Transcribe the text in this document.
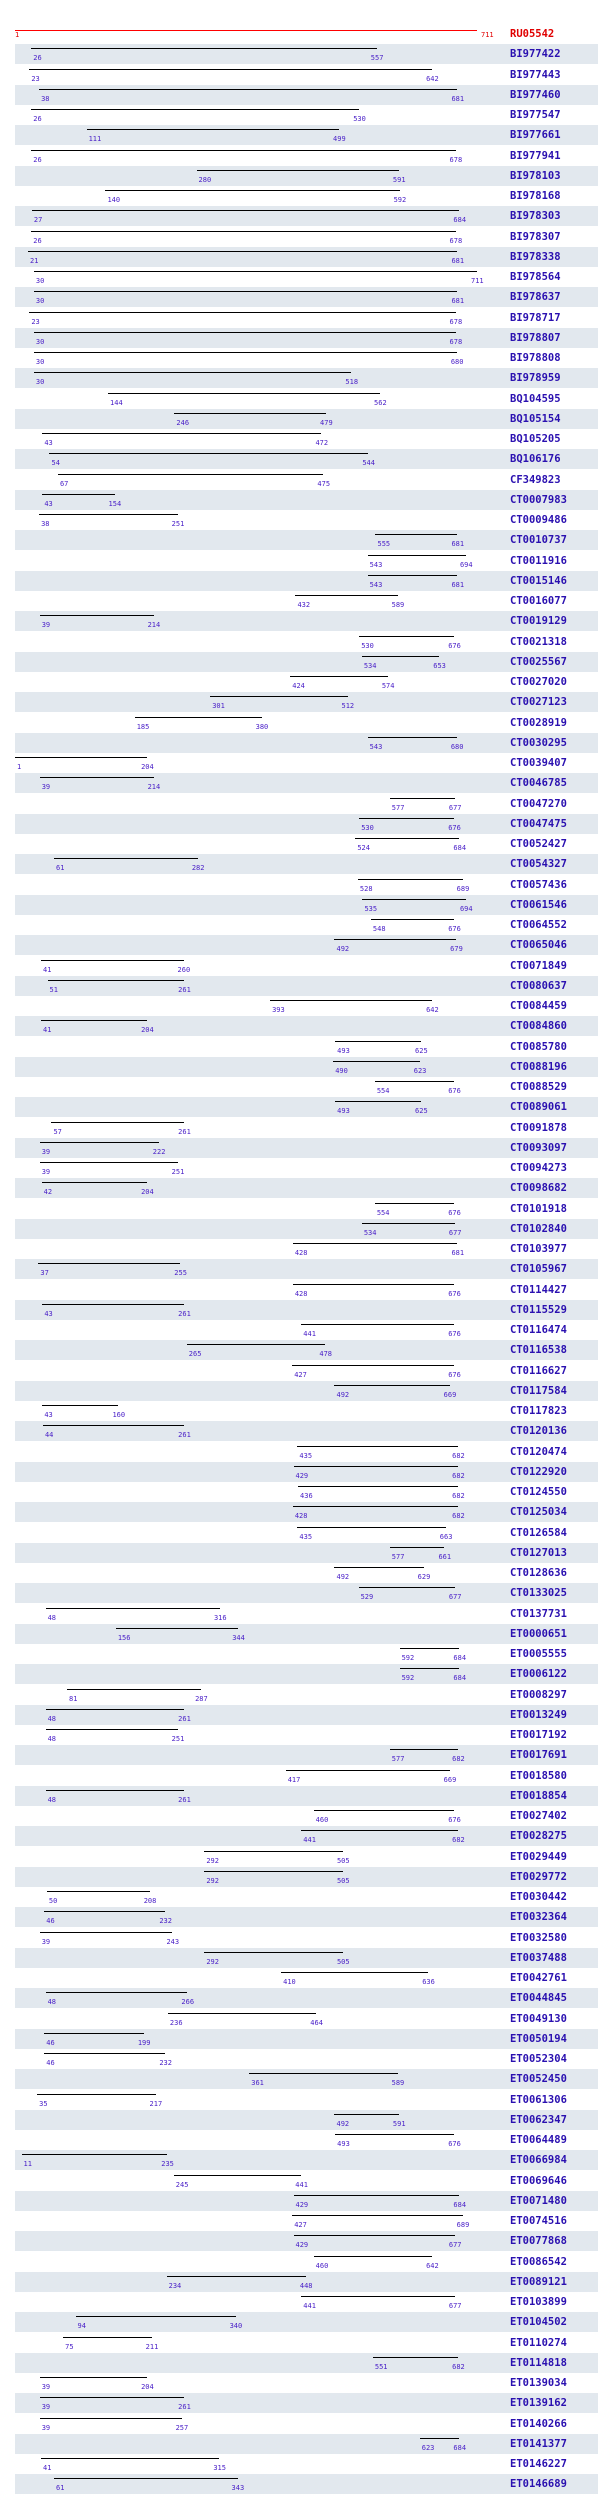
1	711 RU05542
26	557	BI977422
23	642	BI977443
38	681	BI977460
26	530	BI977547
111	499	BI977661
26	678	BI977941
280	591	BI978103
140	592	BI978168
27	684	BI978303
26	678	BI978307
21	681	BI978338
30	711	BI978564
30	681	BI978637
23	678	BI978717
30	678	BI978807
30	680	BI978808
30	518	BI978959
144	562	BQ104595
246	479	BQ105154
43	472	BQ105205
54	544	BQ106176
67	475	CF349823
43	154	CT0007983
38	251	CT0009486
555	681	CT0010737
543	694	CT0011916
543	681	CT0015146
432	589	CT0016077
39	214	CT0019129
530	676	CT0021318
534	653	CT0025567
424	574	CT0027020
301	512	CT0027123
185	380	CT0028919
543	680	CT0030295
1	204	CT0039407
39	214	CT0046785
577	677	CT0047270
530	676	CT0047475
524	684	CT0052427
61	282	CT0054327
528	689	CT0057436
535	694	CT0061546
548	676	CT0064552
492	679	CT0065046
41	260	CT0071849
51	261	CT0080637
393	642	CT0084459
41	204	CT0084860
493	625	CT0085780
490	623	CT0088196
554	676	CT0088529
493	625	CT0089061
57	261	CT0091878
39	222	CT0093097
39	251	CT0094273
42	204	CT0098682
554	676	CT0101918
534	677	CT0102840
428	681	CT0103977
37	255	CT0105967
428	676	CT0114427
43	261	CT0115529
441	676	CT0116474
265	478	CT0116538
427	676	CT0116627
492	669	CT0117584
43	160	CT0117823
44	261	CT0120136
435	682	CT0120474
429	682	CT0122920
436	682	CT0124550
428	682	CT0125034
435	663	CT0126584
577	661	CT0127013
492	629	CT0128636
529	677	CT0133025
48	316	CT0137731
156	344	ET0000651
592	684	ET0005555
592	684	ET0006122
81	287	ET0008297
48	261	ET0013249
48	251	ET0017192
577	682	ET0017691
417	669	ET0018580
48	261	ET0018854
460	676	ET0027402
441	682	ET0028275
292	505	ET0029449
292	505	ET0029772
50	208	ET0030442
46	232	ET0032364
39	243	ET0032580
292	505	ET0037488
410	636	ET0042761
48	266	ET0044845
236	464	ET0049130
46	199	ET0050194
46	232	ET0052304
361	589	ET0052450
35	217	ET0061306
492	591	ET0062347
493	676	ET0064489
11	235	ET0066984
245	441	ET0069646
429	684	ET0071480
427	689	ET0074516
429	677	ET0077868
460	642	ET0086542
234	448	ET0089121
441	677	ET0103899
94	340	ET0104502
75	211	ET0110274
551	682	ET0114818
39	204	ET0139034
39	261	ET0139162
39	257	ET0140266
623	684	ET0141377
41	315	ET0146227
61	343	ET0146689
